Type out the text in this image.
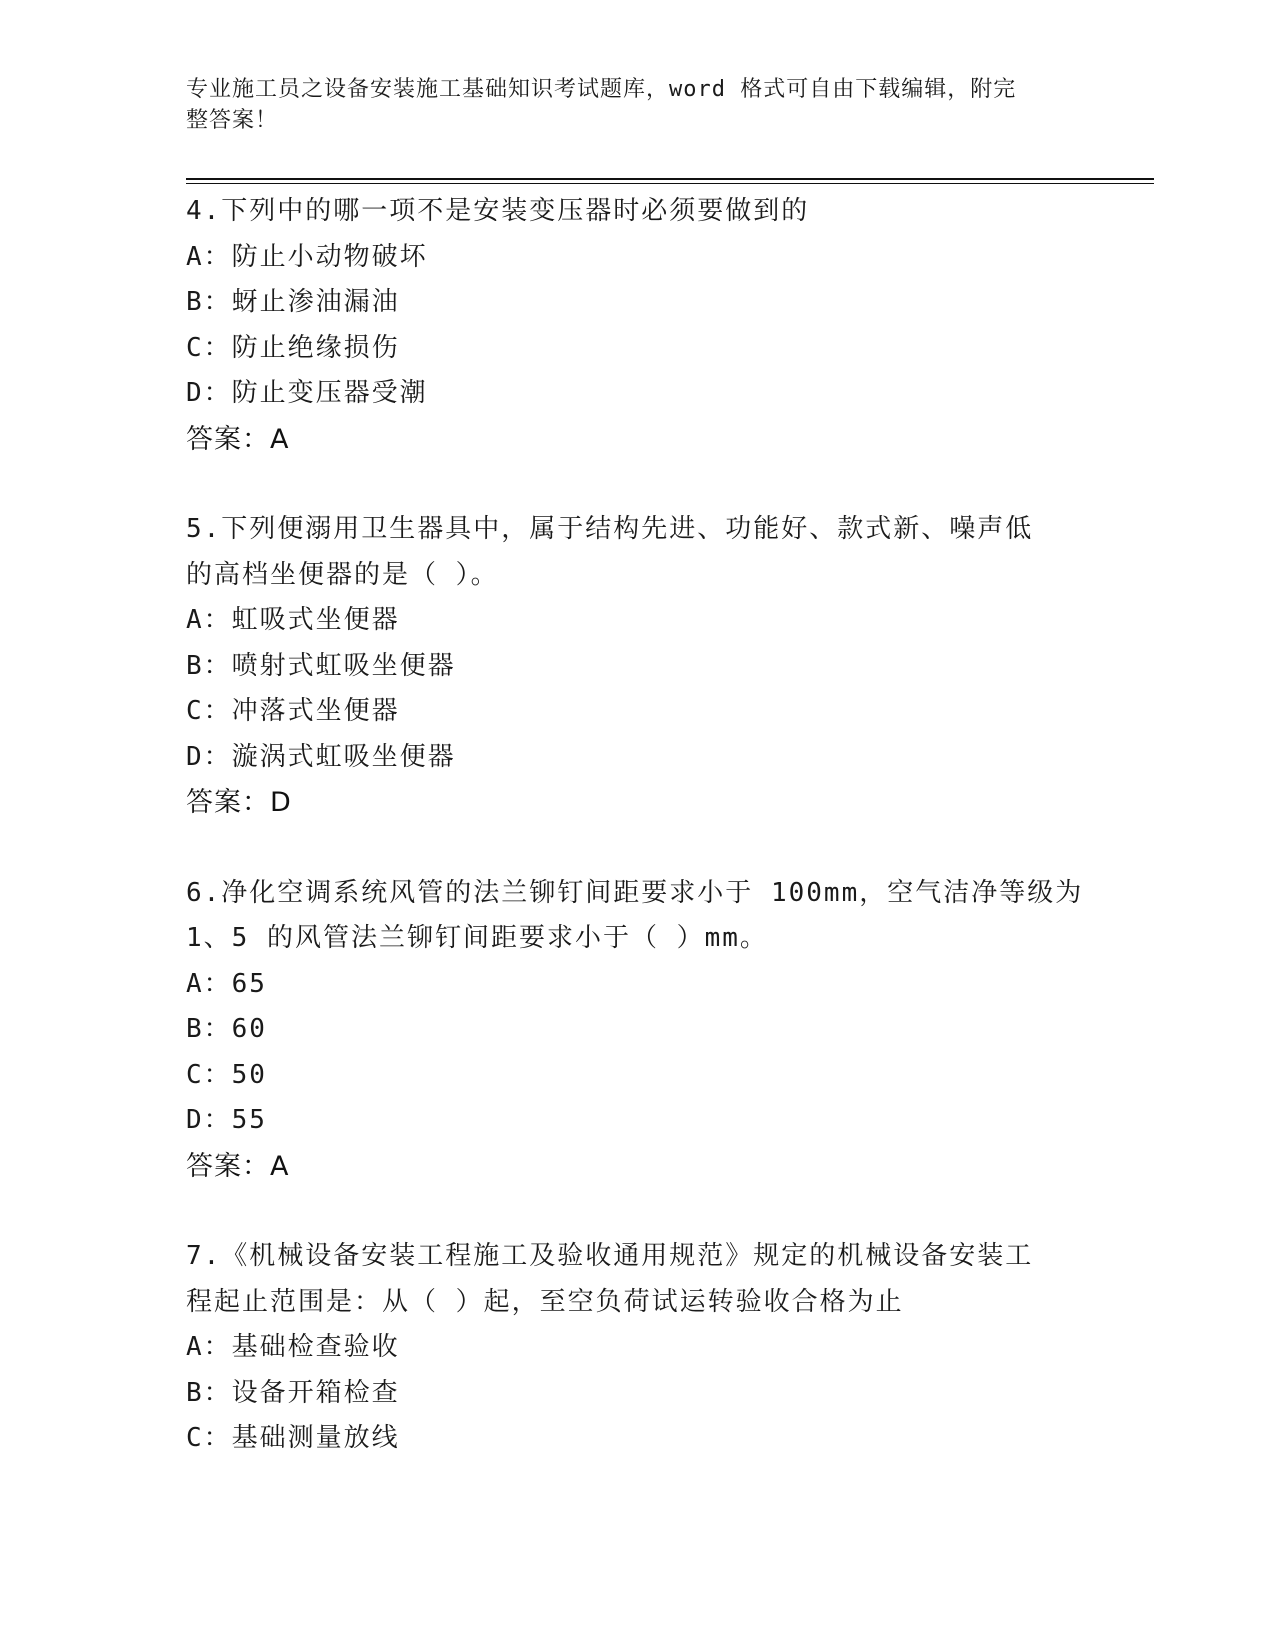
专业施工员之设备安装施工基础知识考试题库，word 格式可自由下载编辑，附完
整答案！
4.下列中的哪一项不是安装变压器时必须要做到的
A：防止小动物破坏
B：蚜止渗油漏油
C：防止绝缘损伤
D：防止变压器受潮
答案：A
5.下列便溺用卫生器具中，属于结构先进、功能好、款式新、噪声低
的高档坐便器的是（ ）。
A：虹吸式坐便器
B：喷射式虹吸坐便器
C：冲落式坐便器
D：漩涡式虹吸坐便器
答案：D
6.净化空调系统风管的法兰铆钉间距要求小于 100mm，空气洁净等级为
1、5 的风管法兰铆钉间距要求小于（ ）mm。
A：65
B：60
C：50
D：55
答案：A
7.《机械设备安装工程施工及验收通用规范》规定的机械设备安装工
程起止范围是：从（ ）起，至空负荷试运转验收合格为止
A：基础检查验收
B：设备开箱检查
C：基础测量放线
